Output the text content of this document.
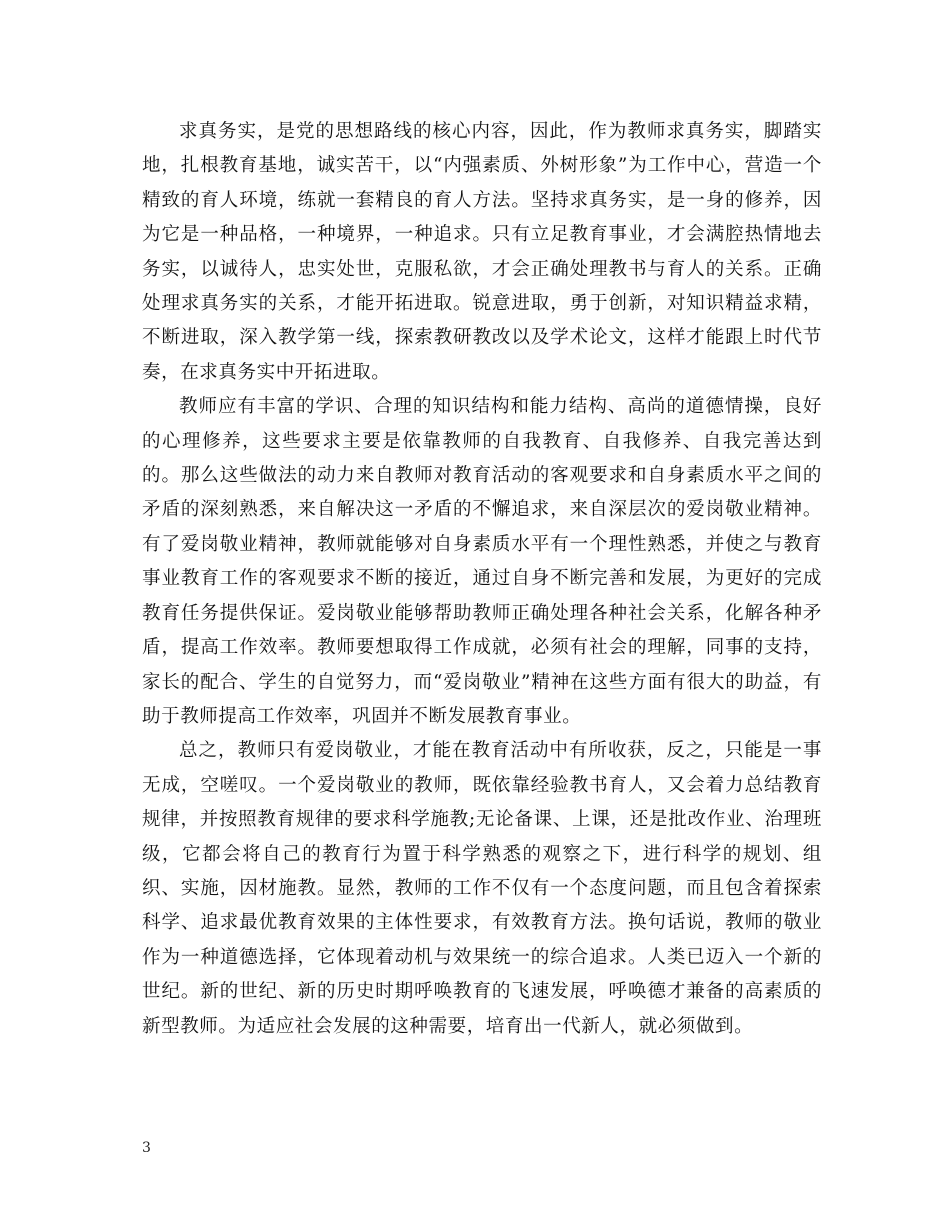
求真务实，是党的思想路线的核心内容，因此，作为教师求真务实，脚踏实地，扎根教育基地，诚实苦干，以“内强素质、外树形象”为工作中心，营造一个精致的育人环境，练就一套精良的育人方法。坚持求真务实，是一身的修养，因为它是一种品格，一种境界，一种追求。只有立足教育事业，才会满腔热情地去务实，以诚待人，忠实处世，克服私欲，才会正确处理教书与育人的关系。正确处理求真务实的关系，才能开拓进取。锐意进取，勇于创新，对知识精益求精，不断进取，深入教学第一线，探索教研教改以及学术论文，这样才能跟上时代节奏，在求真务实中开拓进取。

教师应有丰富的学识、合理的知识结构和能力结构、高尚的道德情操，良好的心理修养，这些要求主要是依靠教师的自我教育、自我修养、自我完善达到的。那么这些做法的动力来自教师对教育活动的客观要求和自身素质水平之间的矛盾的深刻熟悉，来自解决这一矛盾的不懈追求，来自深层次的爱岗敬业精神。有了爱岗敬业精神，教师就能够对自身素质水平有一个理性熟悉，并使之与教育事业教育工作的客观要求不断的接近，通过自身不断完善和发展，为更好的完成教育任务提供保证。爱岗敬业能够帮助教师正确处理各种社会关系，化解各种矛盾，提高工作效率。教师要想取得工作成就，必须有社会的理解，同事的支持，家长的配合、学生的自觉努力，而“爱岗敬业”精神在这些方面有很大的助益，有助于教师提高工作效率，巩固并不断发展教育事业。

总之，教师只有爱岗敬业，才能在教育活动中有所收获，反之，只能是一事无成，空嗟叹。一个爱岗敬业的教师，既依靠经验教书育人，又会着力总结教育规律，并按照教育规律的要求科学施教;无论备课、上课，还是批改作业、治理班级，它都会将自己的教育行为置于科学熟悉的观察之下，进行科学的规划、组织、实施，因材施教。显然，教师的工作不仅有一个态度问题，而且包含着探索科学、追求最优教育效果的主体性要求，有效教育方法。换句话说，教师的敬业作为一种道德选择，它体现着动机与效果统一的综合追求。人类已迈入一个新的世纪。新的世纪、新的历史时期呼唤教育的飞速发展，呼唤德才兼备的高素质的新型教师。为适应社会发展的这种需要，培育出一代新人，就必须做到。

3
